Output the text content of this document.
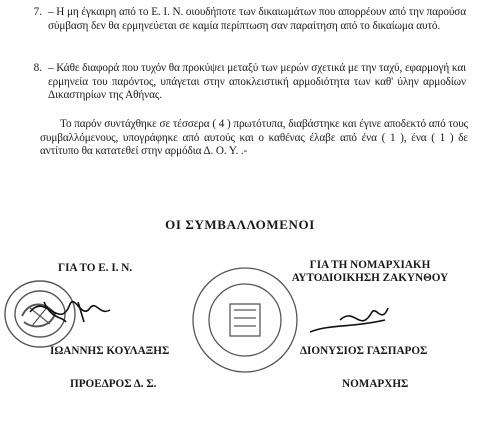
7. – Η μη έγκαιρη από το Ε. Ι. Ν. οιουδήποτε των δικαιωμάτων που απορρέουν από την παρούσα σύμβαση δεν θα ερμηνεύεται σε καμία περίπτωση σαν παραίτηση από το δικαίωμα αυτό.
8. – Κάθε διαφορά που τυχόν θα προκύψει μεταξύ των μερών σχετικά με την ταχύ, εφαρμογή και ερμηνεία του παρόντος, υπάγεται στην αποκλειστική αρμοδιότητα των καθ' ύλην αρμοδίων Δικαστηρίων της Αθήνας.
Το παρόν συντάχθηκε σε τέσσερα ( 4 ) πρωτότυπα, διαβάστηκε και έγινε αποδεκτό από τους συμβαλλόμενους, υπογράφηκε από αυτούς και ο καθένας έλαβε από ένα ( 1 ), ένα ( 1 ) δε αντίτυπο θα κατατεθεί στην αρμόδια Δ. Ο. Υ. .-
ΟΙ ΣΥΜΒΑΛΛΟΜΕΝΟΙ
ΓΙΑ ΤΟ Ε. Ι. Ν.
ΙΩΑΝΝΗΣ ΚΟΥΛΑΞΗΣ
ΠΡΟΕΔΡΟΣ Δ. Σ.
ΓΙΑ ΤΗ ΝΟΜΑΡΧΙΑΚΗ
ΑΥΤΟΔΙΟΙΚΗΣΗ ΖΑΚΥΝΘΟΥ
ΔΙΟΝΥΣΙΟΣ ΓΑΣΠΑΡΟΣ
ΝΟΜΑΡΧΗΣ
